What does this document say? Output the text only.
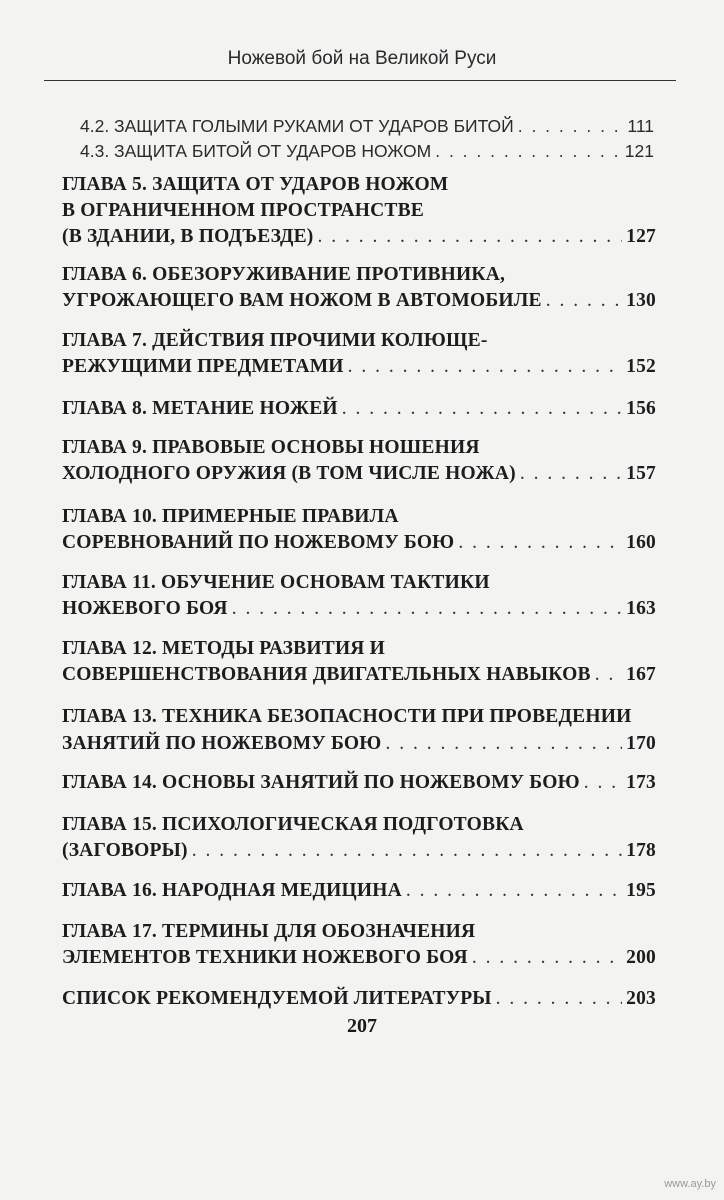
Ножевой бой на Великой Руси
4.2. ЗАЩИТА ГОЛЫМИ РУКАМИ ОТ УДАРОВ БИТОЙ . . .	111
4.3. ЗАЩИТА БИТОЙ ОТ УДАРОВ НОЖОМ . . .	121
ГЛАВА 5. ЗАЩИТА ОТ УДАРОВ НОЖОМ
В ОГРАНИЧЕННОМ ПРОСТРАНСТВЕ
(В ЗДАНИИ, В ПОДЪЕЗДЕ) . . .	127
ГЛАВА 6. ОБЕЗОРУЖИВАНИЕ ПРОТИВНИКА,
УГРОЖАЮЩЕГО ВАМ НОЖОМ В АВТОМОБИЛЕ . . .	130
ГЛАВА 7. ДЕЙСТВИЯ ПРОЧИМИ КОЛЮЩЕ-
РЕЖУЩИМИ ПРЕДМЕТАМИ . . .	152
ГЛАВА 8. МЕТАНИЕ НОЖЕЙ . . .	156
ГЛАВА 9. ПРАВОВЫЕ ОСНОВЫ НОШЕНИЯ
ХОЛОДНОГО ОРУЖИЯ (В ТОМ ЧИСЛЕ НОЖА) . . .	157
ГЛАВА 10. ПРИМЕРНЫЕ ПРАВИЛА
СОРЕВНОВАНИЙ ПО НОЖЕВОМУ БОЮ . . .	160
ГЛАВА 11. ОБУЧЕНИЕ ОСНОВАМ ТАКТИКИ
НОЖЕВОГО БОЯ . . .	163
ГЛАВА 12. МЕТОДЫ РАЗВИТИЯ И
СОВЕРШЕНСТВОВАНИЯ ДВИГАТЕЛЬНЫХ НАВЫКОВ . . . 167
ГЛАВА 13. ТЕХНИКА БЕЗОПАСНОСТИ ПРИ ПРОВЕДЕНИИ
ЗАНЯТИЙ ПО НОЖЕВОМУ БОЮ . . .	170
ГЛАВА 14. ОСНОВЫ ЗАНЯТИЙ ПО НОЖЕВОМУ БОЮ . . . 173
ГЛАВА 15. ПСИХОЛОГИЧЕСКАЯ ПОДГОТОВКА
(ЗАГОВОРЫ) . . .	178
ГЛАВА 16. НАРОДНАЯ МЕДИЦИНА . . .	195
ГЛАВА 17. ТЕРМИНЫ ДЛЯ ОБОЗНАЧЕНИЯ
ЭЛЕМЕНТОВ ТЕХНИКИ НОЖЕВОГО БОЯ . . .	200
СПИСОК РЕКОМЕНДУЕМОЙ ЛИТЕРАТУРЫ . . .	203
207
www.ay.by
